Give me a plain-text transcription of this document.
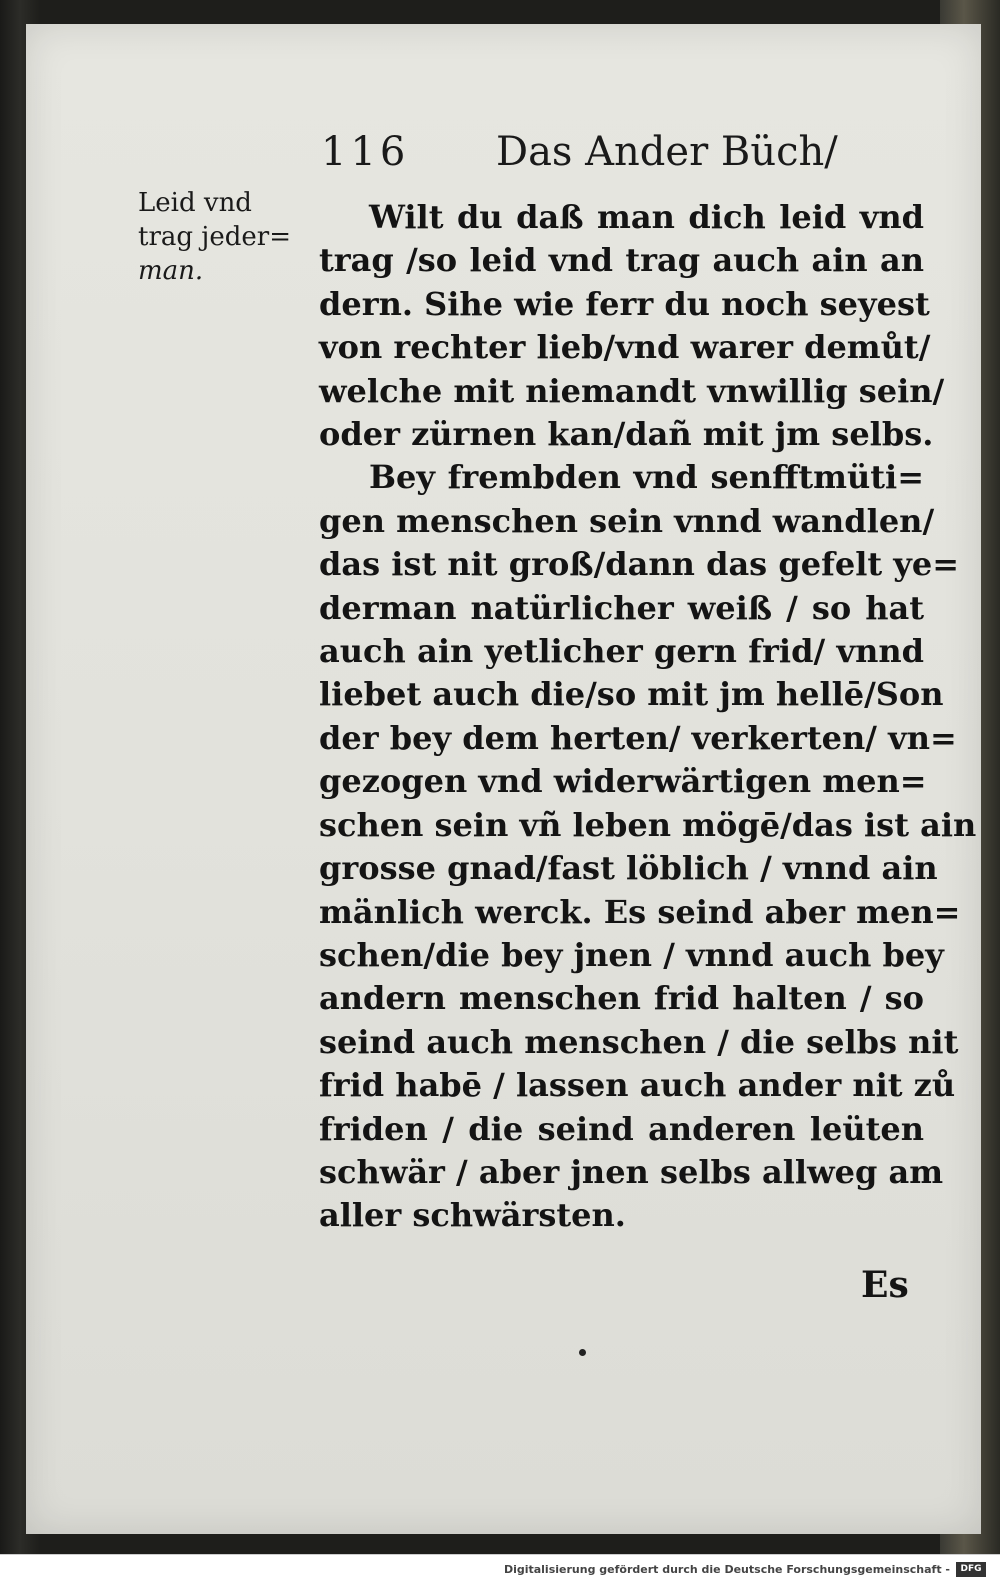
116 Das Ander Büch/
Leid vnd
trag jeder=
man.
Wilt du daß man dich leid vnd
trag /so leid vnd trag auch ain an
dern. Sihe wie ferr du noch seyest
von rechter lieb/vnd warer demůt/
welche mit niemandt vnwillig sein/
oder zürnen kan/dañ mit jm selbs.
Bey frembden vnd senfftmüti=
gen menschen sein vnnd wandlen/
das ist nit groß/dann das gefelt ye=
derman natürlicher weiß / so hat
auch ain yetlicher gern frid/ vnnd
liebet auch die/so mit jm hellē/Son
der bey dem herten/ verkerten/ vn=
gezogen vnd widerwärtigen men=
schen sein vñ leben mögē/das ist ain
grosse gnad/fast löblich / vnnd ain
mänlich werck. Es seind aber men=
schen/die bey jnen / vnnd auch bey
andern menschen frid halten / so
seind auch menschen / die selbs nit
frid habē / lassen auch ander nit zů
friden / die seind anderen leüten
schwär / aber jnen selbs allweg am
aller schwärsten.
Es
Digitalisierung gefördert durch die Deutsche Forschungsgemeinschaft -	DFG
